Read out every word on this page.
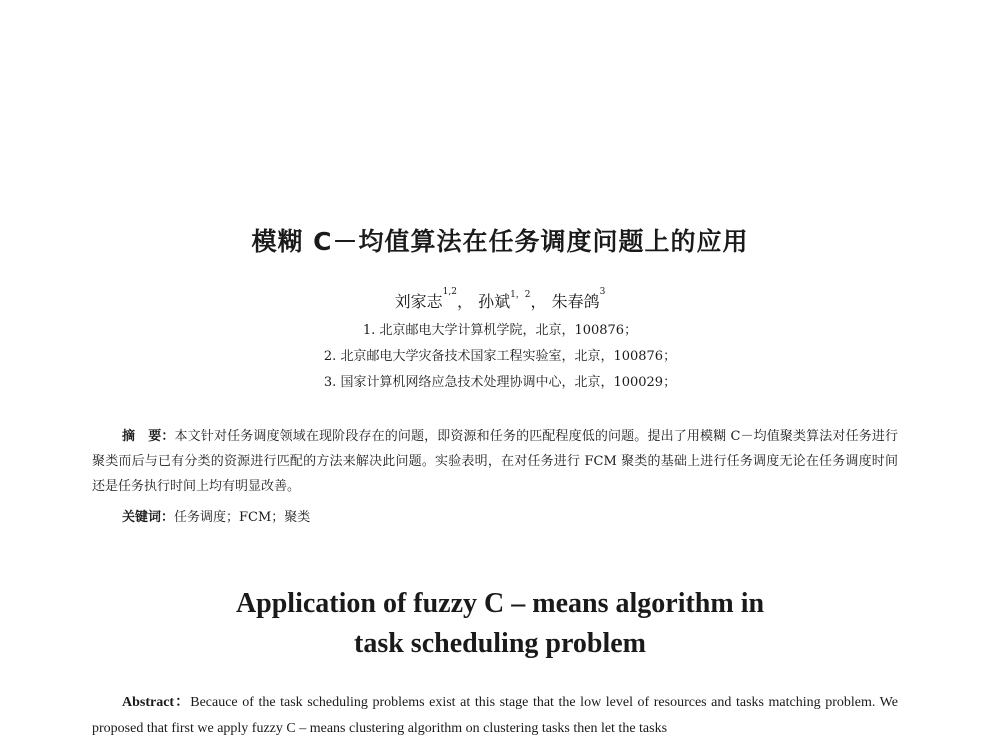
模糊 C－均值算法在任务调度问题上的应用

刘家志$^{1,2}$， 孙斌$^{1,2}$， 朱春鸽$^3$

1. 北京邮电大学计算机学院，北京，100876；
2. 北京邮电大学灾备技术国家工程实验室，北京，100876；
3. 国家计算机网络应急技术处理协调中心，北京，100029；

摘　要：本文针对任务调度领域在现阶段存在的问题，即资源和任务的匹配程度低的问题。提出了用模糊 C－均值聚类算法对任务进行聚类而后与已有分类的资源进行匹配的方法来解决此问题。实验表明，在对任务进行 FCM 聚类的基础上进行任务调度无论在任务调度时间还是任务执行时间上均有明显改善。

关键词：任务调度；FCM；聚类

Application of fuzzy C – means algorithm in
task scheduling problem

Abstract：Becauce of the task scheduling problems exist at this stage that the low level of resources and tasks matching problem. We proposed that first we apply fuzzy C – means clustering algorithm on clustering tasks then let the tasks
